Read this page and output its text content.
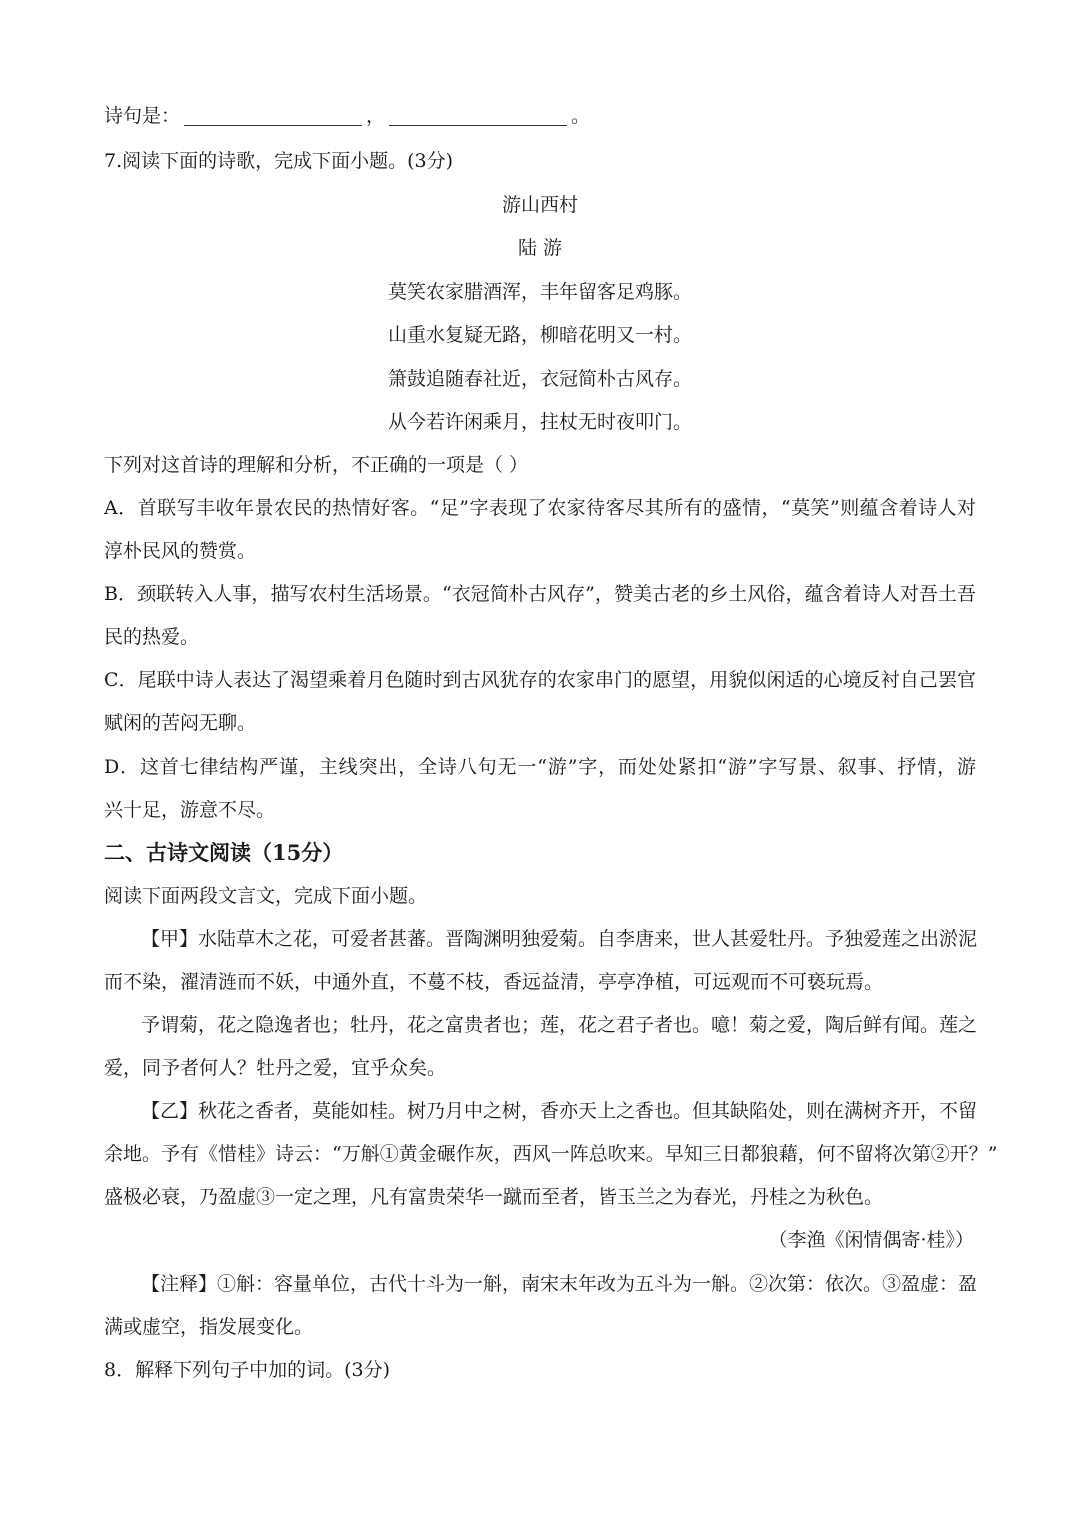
诗句是：	，	。
7.阅读下面的诗歌，完成下面小题。(3分)
游山西村
陆 游
莫笑农家腊酒浑，丰年留客足鸡豚。
山重水复疑无路，柳暗花明又一村。
箫鼓追随春社近，衣冠简朴古风存。
从今若许闲乘月，拄杖无时夜叩门。
下列对这首诗的理解和分析，不正确的一项是（ ）
A．首联写丰收年景农民的热情好客。“足”字表现了农家待客尽其所有的盛情，“莫笑”则蕴含着诗人对
淳朴民风的赞赏。
B．颈联转入人事，描写农村生活场景。“衣冠简朴古风存”，赞美古老的乡土风俗，蕴含着诗人对吾土吾
民的热爱。
C．尾联中诗人表达了渴望乘着月色随时到古风犹存的农家串门的愿望，用貌似闲适的心境反衬自己罢官
赋闲的苦闷无聊。
D．这首七律结构严谨，主线突出，全诗八句无一“游”字，而处处紧扣“游”字写景、叙事、抒情，游
兴十足，游意不尽。
二、古诗文阅读（15分）
阅读下面两段文言文，完成下面小题。
【甲】水陆草木之花，可爱者甚蕃。晋陶渊明独爱菊。自李唐来，世人甚爱牡丹。予独爱莲之出淤泥
而不染，濯清涟而不妖，中通外直，不蔓不枝，香远益清，亭亭净植，可远观而不可亵玩焉。
予谓菊，花之隐逸者也；牡丹，花之富贵者也；莲，花之君子者也。噫！菊之爱，陶后鲜有闻。莲之
爱，同予者何人？牡丹之爱，宜乎众矣。
【乙】秋花之香者，莫能如桂。树乃月中之树，香亦天上之香也。但其缺陷处，则在满树齐开，不留
余地。予有《惜桂》诗云：“万斛①黄金碾作灰，西风一阵总吹来。早知三日都狼藉，何不留将次第②开？”
盛极必衰，乃盈虚③一定之理，凡有富贵荣华一蹴而至者，皆玉兰之为春光，丹桂之为秋色。
（李渔《闲情偶寄·桂》）
【注释】①斛：容量单位，古代十斗为一斛，南宋末年改为五斗为一斛。②次第：依次。③盈虚：盈
满或虚空，指发展变化。
8．解释下列句子中加的词。(3分)
